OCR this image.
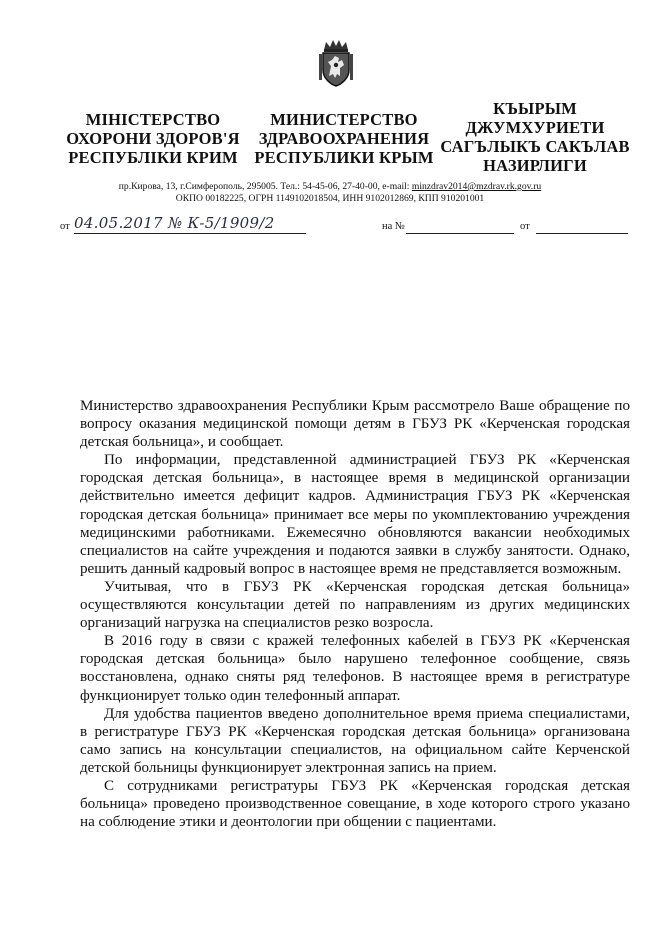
МІНІСТЕРСТВО
ОХОРОНИ ЗДОРОВ'Я
РЕСПУБЛІКИ КРИМ
МИНИСТЕРСТВО
ЗДРАВООХРАНЕНИЯ
РЕСПУБЛИКИ КРЫМ
КЪЫРЫМ
ДЖУМХУРИЕТИ
САГЪЛЫКЪ САКЪЛАВ
НАЗИРЛИГИ
пр.Кирова, 13, г.Симферополь, 295005. Тел.: 54-45-06, 27-40-00, e-mail: minzdrav2014@mzdrav.rk.gov.ru
ОКПО 00182225, ОГРН 1149102018504, ИНН 9102012869, КПП 910201001
от 04.05.2017 № К-5/1909/2	на №	от

Министерство здравоохранения Республики Крым рассмотрело Ваше обращение по вопросу оказания медицинской помощи детям в ГБУЗ РК «Керченская городская детская больница», и сообщает.

По информации, представленной администрацией ГБУЗ РК «Керченская городская детская больница», в настоящее время в медицинской организации действительно имеется дефицит кадров. Администрация ГБУЗ РК «Керченская городская детская больница» принимает все меры по укомплектованию учреждения медицинскими работниками. Ежемесячно обновляются вакансии необходимых специалистов на сайте учреждения и подаются заявки в службу занятости. Однако, решить данный кадровый вопрос в настоящее время не представляется возможным.

Учитывая, что в ГБУЗ РК «Керченская городская детская больница» осуществляются консультации детей по направлениям из других медицинских организаций нагрузка на специалистов резко возросла.

В 2016 году в связи с кражей телефонных кабелей в ГБУЗ РК «Керченская городская детская больница» было нарушено телефонное сообщение, связь восстановлена, однако сняты ряд телефонов. В настоящее время в регистратуре функционирует только один телефонный аппарат.

Для удобства пациентов введено дополнительное время приема специалистами, в регистратуре ГБУЗ РК «Керченская городская детская больница» организована само запись на консультации специалистов, на официальном сайте Керченской детской больницы функционирует электронная запись на прием.

С сотрудниками регистратуры ГБУЗ РК «Керченская городская детская больница» проведено производственное совещание, в ходе которого строго указано на соблюдение этики и деонтологии при общении с пациентами.
